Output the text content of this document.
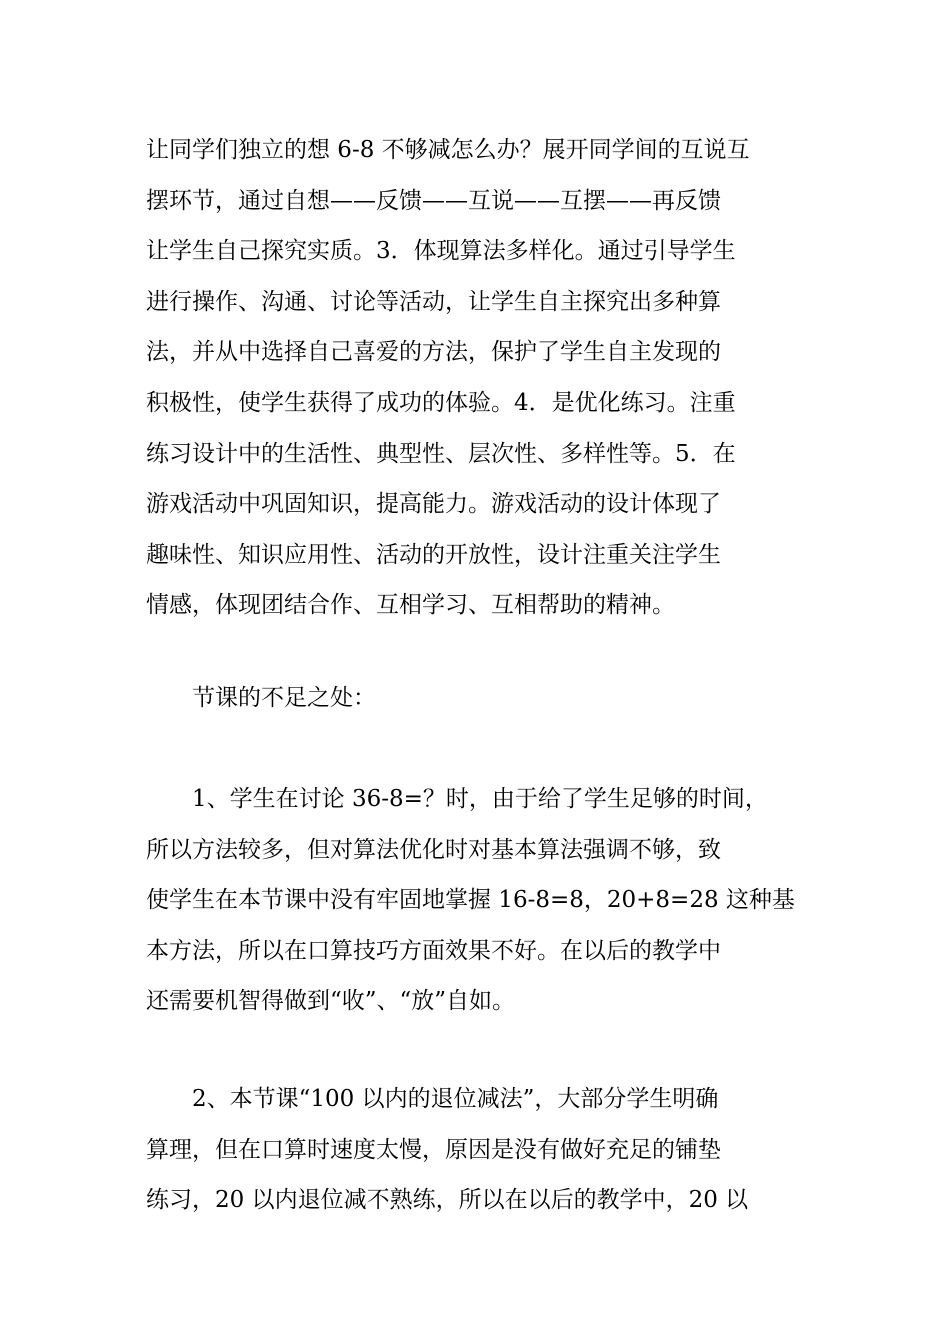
让同学们独立的想 6-8 不够减怎么办？展开同学间的互说互
摆环节，通过自想——反馈——互说——互摆——再反馈
让学生自己探究实质。3．体现算法多样化。通过引导学生
进行操作、沟通、讨论等活动，让学生自主探究出多种算
法，并从中选择自己喜爱的方法，保护了学生自主发现的
积极性，使学生获得了成功的体验。4．是优化练习。注重
练习设计中的生活性、典型性、层次性、多样性等。5．在
游戏活动中巩固知识，提高能力。游戏活动的设计体现了
趣味性、知识应用性、活动的开放性，设计注重关注学生
情感，体现团结合作、互相学习、互相帮助的精神。

　　节课的不足之处：

　　1、学生在讨论 36-8=？时，由于给了学生足够的时间，
所以方法较多，但对算法优化时对基本算法强调不够，致
使学生在本节课中没有牢固地掌握 16-8=8，20+8=28 这种基
本方法，所以在口算技巧方面效果不好。在以后的教学中
还需要机智得做到“收”、“放”自如。

　　2、本节课“100 以内的退位减法”，大部分学生明确
算理，但在口算时速度太慢，原因是没有做好充足的铺垫
练习，20 以内退位减不熟练，所以在以后的教学中，20 以
